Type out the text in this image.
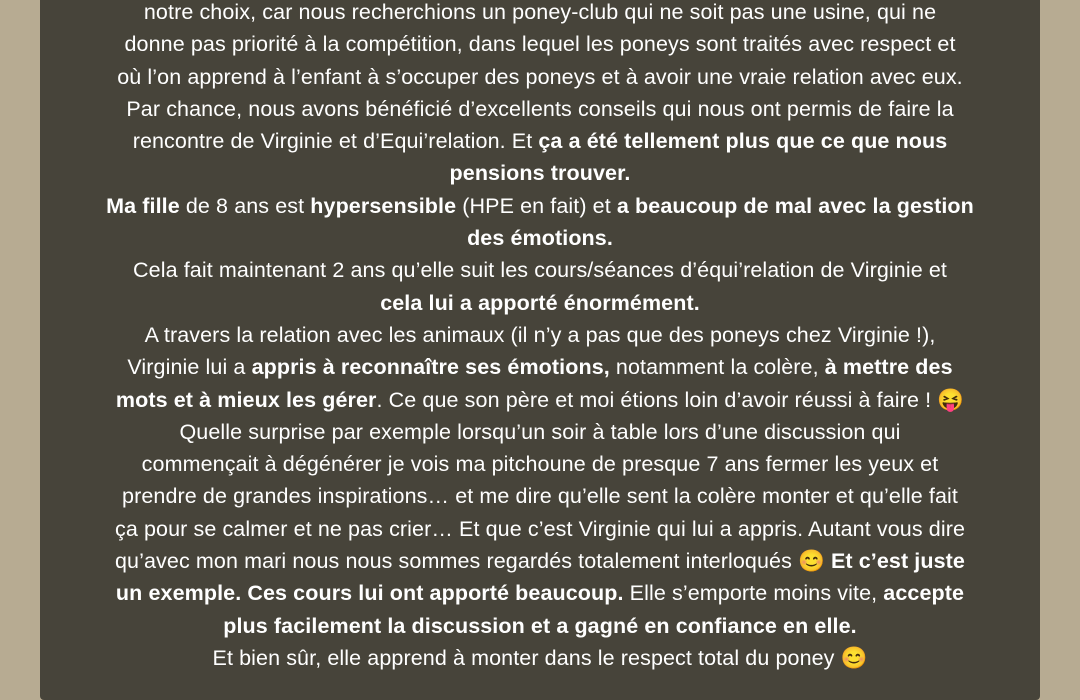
notre choix, car nous recherchions un poney-club qui ne soit pas une usine, qui ne
donne pas priorité à la compétition, dans lequel les poneys sont traités avec respect et
où l’on apprend à l’enfant à s’occuper des poneys et à avoir une vraie relation avec eux.
Par chance, nous avons bénéficié d’excellents conseils qui nous ont permis de faire la
rencontre de Virginie et d’Equi’relation. Et ça a été tellement plus que ce que nous
pensions trouver.
Ma fille de 8 ans est hypersensible (HPE en fait) et a beaucoup de mal avec la gestion
des émotions.
Cela fait maintenant 2 ans qu’elle suit les cours/séances d’équi’relation de Virginie et
cela lui a apporté énormément.
A travers la relation avec les animaux (il n’y a pas que des poneys chez Virginie !),
Virginie lui a appris à reconnaître ses émotions, notamment la colère, à mettre des
mots et à mieux les gérer. Ce que son père et moi étions loin d’avoir réussi à faire ! 😝
Quelle surprise par exemple lorsqu’un soir à table lors d’une discussion qui
commençait à dégénérer je vois ma pitchoune de presque 7 ans fermer les yeux et
prendre de grandes inspirations… et me dire qu’elle sent la colère monter et qu’elle fait
ça pour se calmer et ne pas crier… Et que c’est Virginie qui lui a appris. Autant vous dire
qu’avec mon mari nous nous sommes regardés totalement interloqués 😊 Et c’est juste
un exemple. Ces cours lui ont apporté beaucoup. Elle s’emporte moins vite, accepte
plus facilement la discussion et a gagné en confiance en elle.
Et bien sûr, elle apprend à monter dans le respect total du poney 😊
